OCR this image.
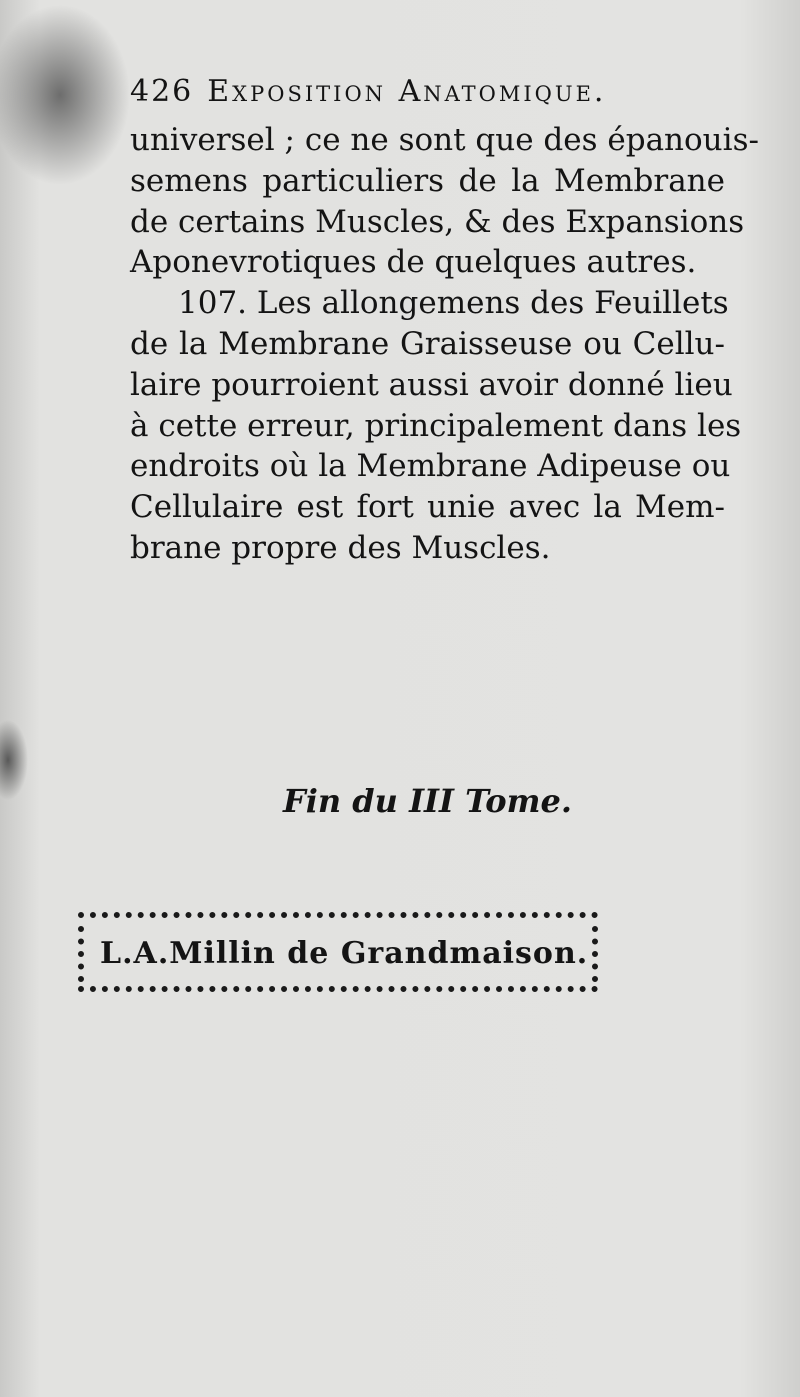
426 Exposition Anatomique.
universel ; ce ne sont que des épanouis-
semens particuliers de la Membrane
de certains Muscles, & des Expansions
Aponevrotiques de quelques autres.
107. Les allongemens des Feuillets
de la Membrane Graisseuse ou Cellu-
laire pourroient aussi avoir donné lieu
à cette erreur, principalement dans les
endroits où la Membrane Adipeuse ou
Cellulaire est fort unie avec la Mem-
brane propre des Muscles.
Fin du III Tome.
L.A.Millin de Grandmaison.
